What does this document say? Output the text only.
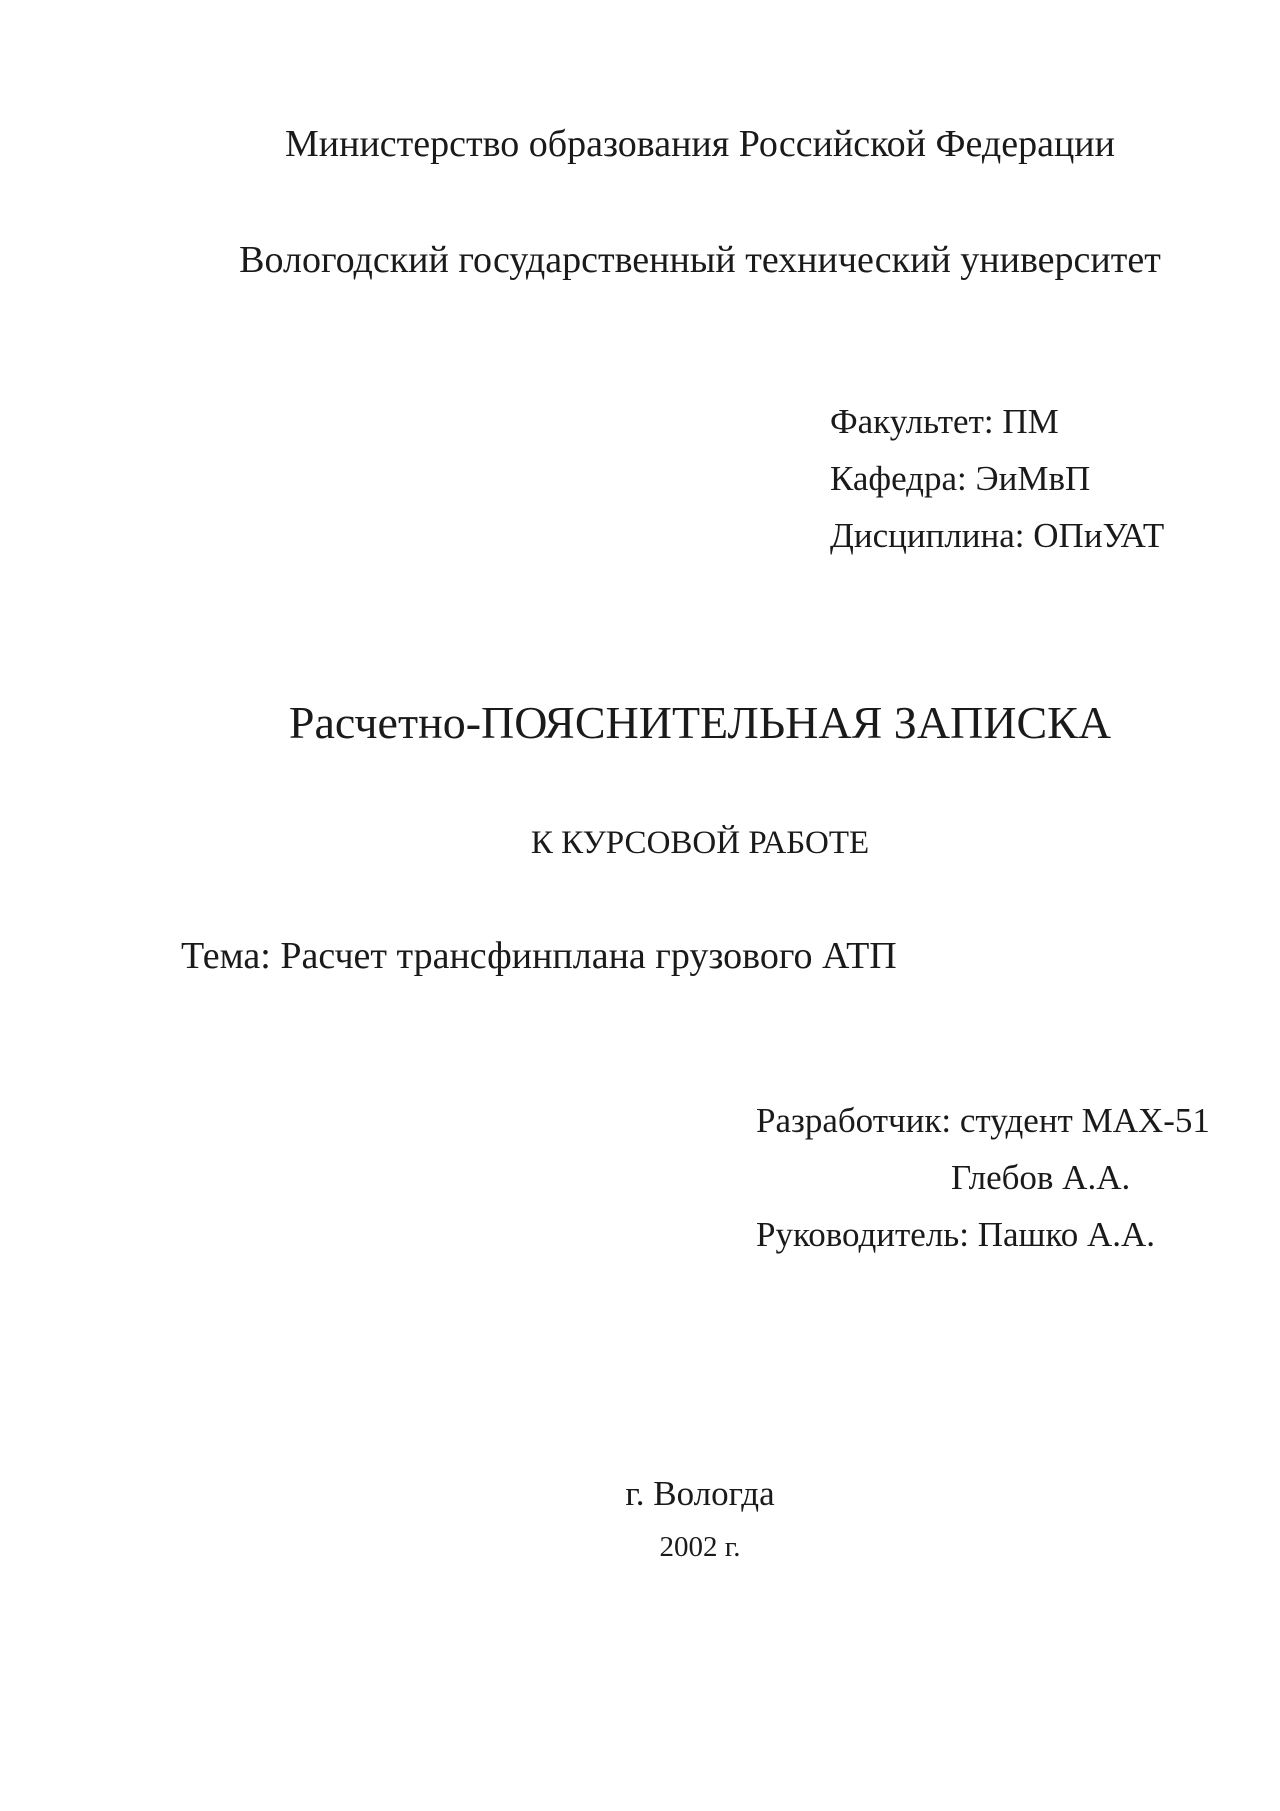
Министерство образования Российской Федерации
Вологодский государственный технический университет
Факультет: ПМ
Кафедра: ЭиМвП
Дисциплина: ОПиУАТ
Расчетно-ПОЯСНИТЕЛЬНАЯ ЗАПИСКА
К КУРСОВОЙ РАБОТЕ
Тема: Расчет трансфинплана грузового АТП
Разработчик: студент МАХ-51
Глебов А.А.
Руководитель: Пашко А.А.
г. Вологда
2002 г.
